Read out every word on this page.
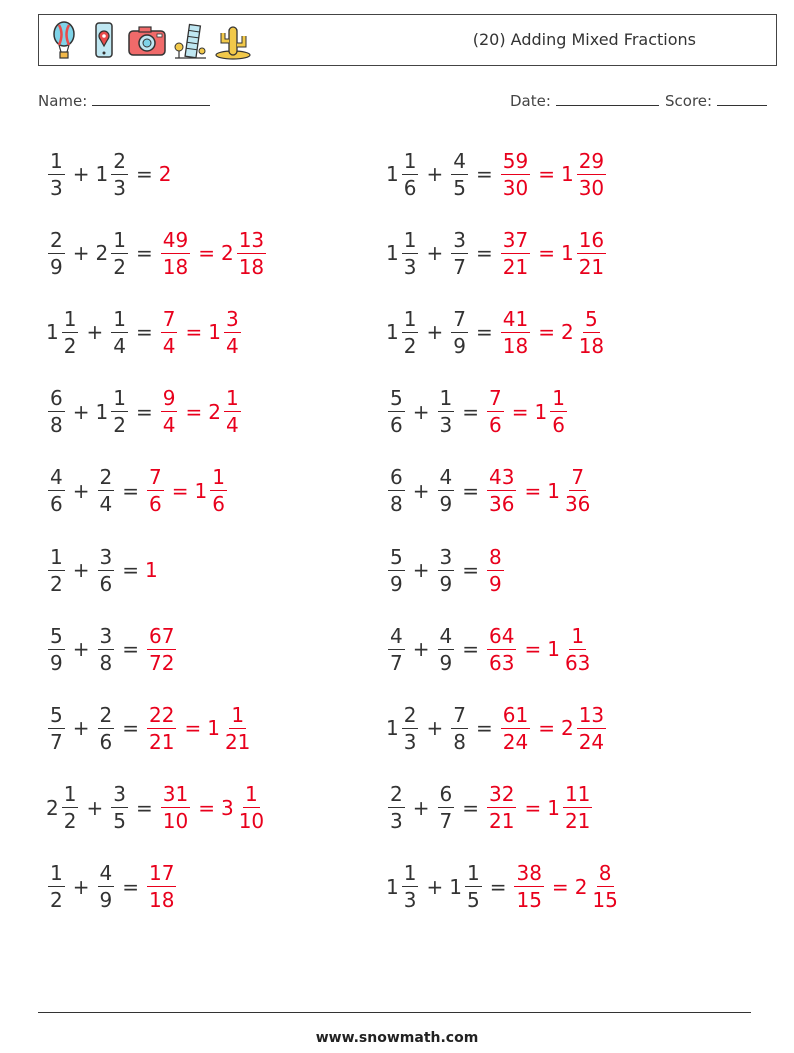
(20) Adding Mixed Fractions
Name:	Date:	Score:
$\frac{1}{3} + 1 \frac{2}{3} = 2$	$1 \frac{1}{6} + \frac{4}{5} = \frac{59}{30} = 1 \frac{29}{30}$
$\frac{2}{9} + 2 \frac{1}{2} = \frac{49}{18} = 2 \frac{13}{18}$	$1 \frac{1}{3} + \frac{3}{7} = \frac{37}{21} = 1 \frac{16}{21}$
$1 \frac{1}{2} + \frac{1}{4} = \frac{7}{4} = 1 \frac{3}{4}$	$1 \frac{1}{2} + \frac{7}{9} = \frac{41}{18} = 2 \frac{5}{18}$
$\frac{6}{8} + 1 \frac{1}{2} = \frac{9}{4} = 2 \frac{1}{4}$	$\frac{5}{6} + \frac{1}{3} = \frac{7}{6} = 1 \frac{1}{6}$
$\frac{4}{6} + \frac{2}{4} = \frac{7}{6} = 1 \frac{1}{6}$	$\frac{6}{8} + \frac{4}{9} = \frac{43}{36} = 1 \frac{7}{36}$
$\frac{1}{2} + \frac{3}{6} = 1$	$\frac{5}{9} + \frac{3}{9} = \frac{8}{9}$
$\frac{5}{9} + \frac{3}{8} = \frac{67}{72}$	$\frac{4}{7} + \frac{4}{9} = \frac{64}{63} = 1 \frac{1}{63}$
$\frac{5}{7} + \frac{2}{6} = \frac{22}{21} = 1 \frac{1}{21}$	$1 \frac{2}{3} + \frac{7}{8} = \frac{61}{24} = 2 \frac{13}{24}$
$2 \frac{1}{2} + \frac{3}{5} = \frac{31}{10} = 3 \frac{1}{10}$	$\frac{2}{3} + \frac{6}{7} = \frac{32}{21} = 1 \frac{11}{21}$
$\frac{1}{2} + \frac{4}{9} = \frac{17}{18}$	$1 \frac{1}{3} + 1 \frac{1}{5} = \frac{38}{15} = 2 \frac{8}{15}$
www.snowmath.com
